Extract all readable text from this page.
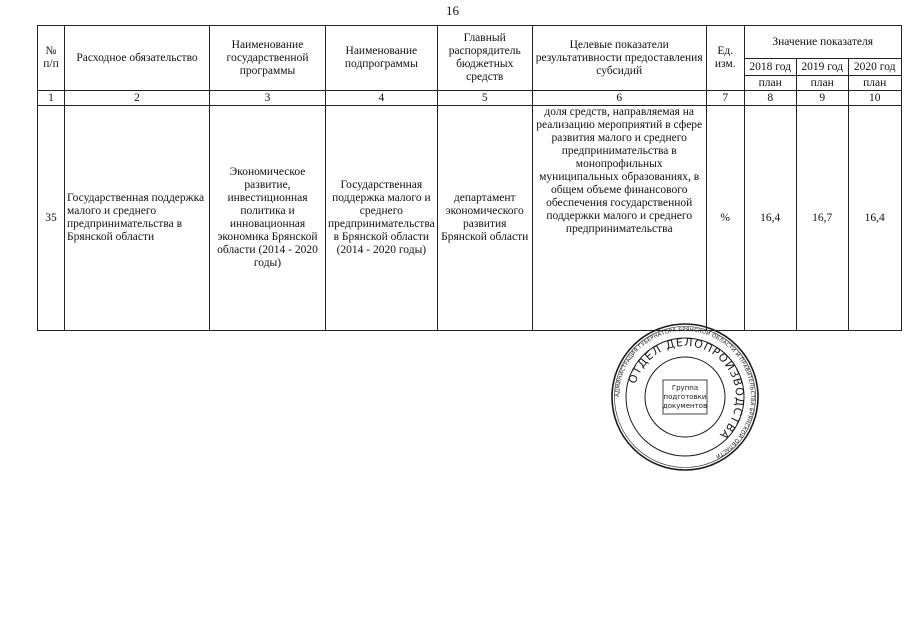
16
№ п/п	Расходное обязательство	Наименование государственной программы	Наименование подпрограммы	Главный распорядитель бюджетных средств	Целевые показатели результативности предоставления субсидий	Ед. изм.	Значение показателя		
							2018 год	2019 год	2020 год
							план	план	план
1	2	3	4	5	6	7	8	9	10
35	Государственная поддержка малого и среднего предпринимательства в Брянской области	Экономическое развитие, инвестиционная политика и инновационная экономика Брянской области (2014 - 2020 годы)	Государственная поддержка малого и среднего предпринимательства в Брянской области (2014 - 2020 годы)	департамент экономического развития Брянской области	доля средств, направляемая на реализацию мероприятий в сфере развития малого и среднего предпринимательства в монопрофильных муниципальных образованиях, в общем объеме финансового обеспечения государственной поддержки малого и среднего предпринимательства	%	16,4	16,7	16,4
АДМИНИСТРАЦИЯ ГУБЕРНАТОРА БРЯНСКОЙ ОБЛАСТИ И ПРАВИТЕЛЬСТВА БРЯНСКОЙ ОБЛАСТИ
ОТДЕЛ ДЕЛОПРОИЗВОДСТВА
Группа
подготовки
документов
